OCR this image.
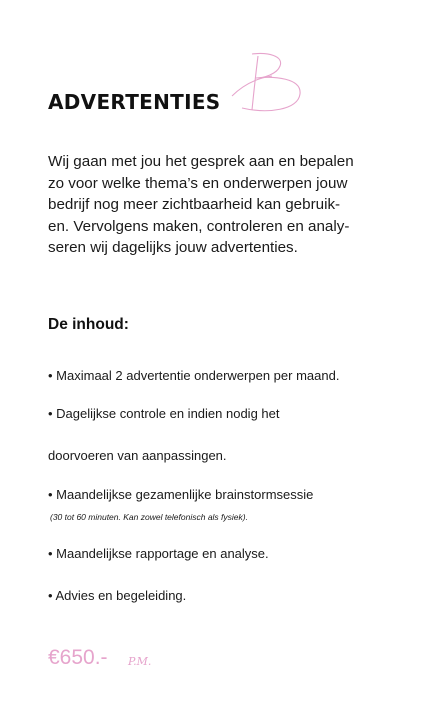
ADVERTENTIES

Wij gaan met jou het gesprek aan en bepalen

zo voor welke thema’s en onderwerpen jouw

bedrijf nog meer zichtbaarheid kan gebruik-

en. Vervolgens maken, controleren en analy-

seren wij dagelijks jouw advertenties.

De inhoud:
• Maximaal 2 advertentie onderwerpen per maand.
• Dagelijkse controle en indien nodig het
doorvoeren van aanpassingen.
• Maandelijkse gezamenlijke brainstormsessie
(30 tot 60 minuten. Kan zowel telefonisch als fysiek).
• Maandelijkse rapportage en analyse.
• Advies en begeleiding.
€650.- P.M.
